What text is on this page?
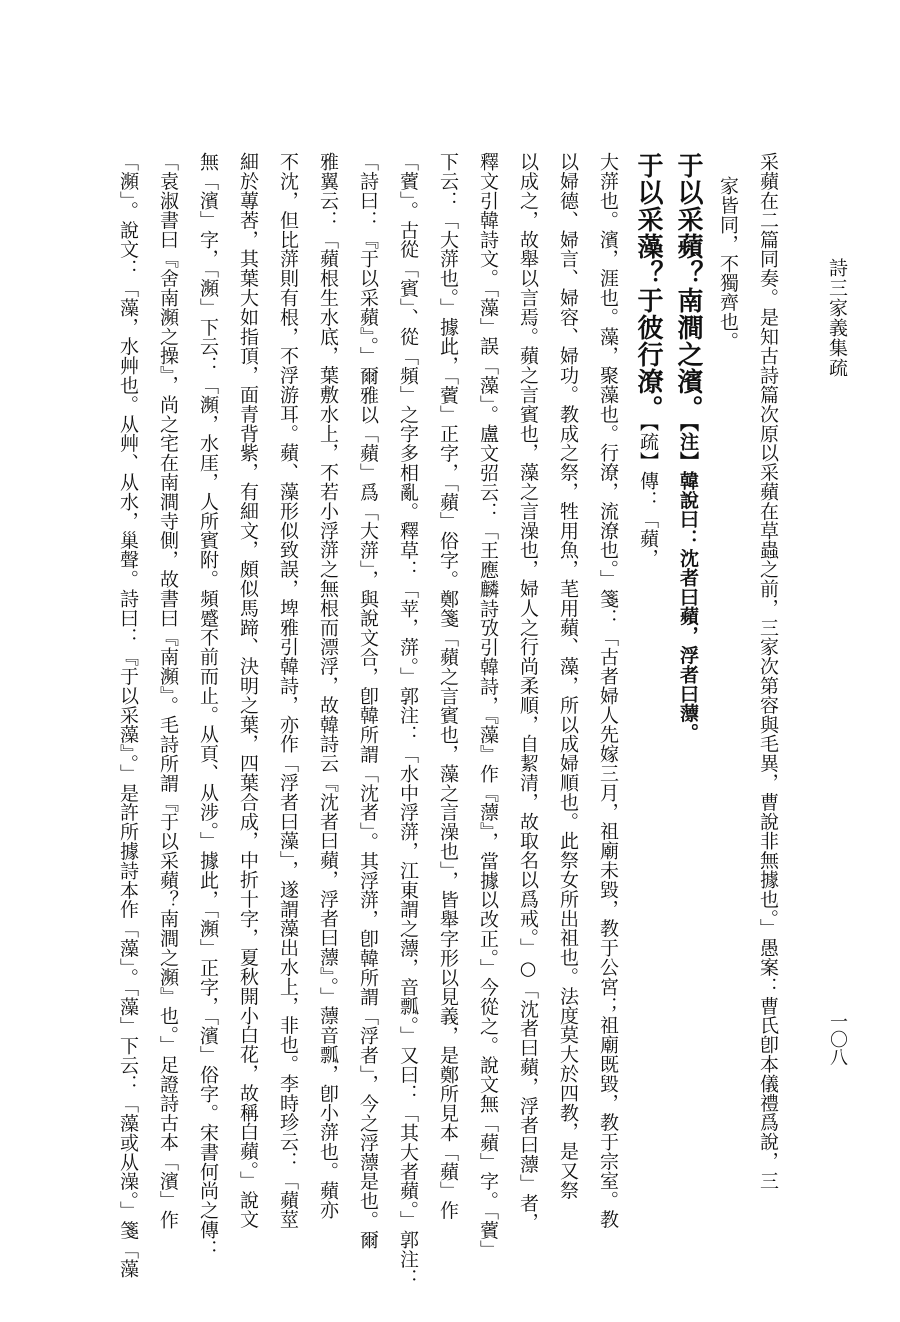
詩三家義集疏
一〇八

采蘋在二篇同奏。是知古詩篇次原以采蘋在草蟲之前，三家次第容與毛異，曹說非無據也。」愚案：曹氏卽本儀禮爲說，三

家皆同，不獨齊也。

于以采蘋？南澗之濱。【注】韓說曰：沈者曰蘋，浮者曰薸。

于以采藻？于彼行潦。【疏】傳：「蘋，

大蓱也。濱，涯也。藻，聚藻也。行潦，流潦也。」箋：「古者婦人先嫁三月，祖廟未毀，教于公宮；祖廟既毀，教于宗室。教

以婦德、婦言、婦容、婦功。教成之祭，牲用魚，芼用蘋、藻，所以成婦順也。此祭女所出祖也。法度莫大於四教，是又祭

以成之，故舉以言焉。蘋之言賓也，藻之言澡也，婦人之行尚柔順，自絜清，故取名以爲戒。」○「沈者曰蘋，浮者曰薸」者，

釋文引韓詩文。「藻」誤「藻」。盧文弨云：「王應麟詩攷引韓詩，『藻』作『薸』，當據以改正。」今從之。說文無「蘋」字。「薲」

下云：「大蓱也。」據此，「薲」正字，「蘋」俗字。鄭箋「蘋之言賓也，藻之言澡也」，皆舉字形以見義，是鄭所見本「蘋」作

「薲」。古從「賓」、從「頻」之字多相亂。釋草：「苹，蓱。」郭注：「水中浮蓱，江東謂之薸，音瓢。」又曰：「其大者蘋。」郭注：

「詩曰：『于以采蘋』。」爾雅以「蘋」爲「大蓱」，與說文合，卽韓所謂「沈者」。其浮蓱，卽韓所謂「浮者」，今之浮薸是也。爾

雅翼云：「蘋根生水底，葉敷水上，不若小浮蓱之無根而漂浮，故韓詩云『沈者曰蘋，浮者曰薸』。」薸音瓢，卽小蓱也。蘋亦

不沈，但比蓱則有根，不浮游耳。蘋、藻形似致誤，埤雅引韓詩，亦作「浮者曰藻」，遂謂藻出水上，非也。李時珍云：「蘋莖

細於蓴莕，其葉大如指頂，面青背紫，有細文，頗似馬蹄、決明之葉，四葉合成，中折十字，夏秋開小白花，故稱白蘋。」說文

無「濱」字，「瀕」下云：「瀕，水厓，人所賓附。頻蹙不前而止。从頁、从涉。」據此，「瀕」正字，「濱」俗字。宋書何尚之傳：

「袁淑書曰『舍南瀕之操』，尚之宅在南澗寺側，故書曰『南瀕』。毛詩所謂『于以采蘋？南澗之瀕』也。」足證詩古本「濱」作

「瀕」。說文：「藻，水艸也。从艸、从水，巢聲。詩曰：『于以采藻』。」是許所據詩本作「藻」。「藻」下云：「藻或从澡。」箋「藻
